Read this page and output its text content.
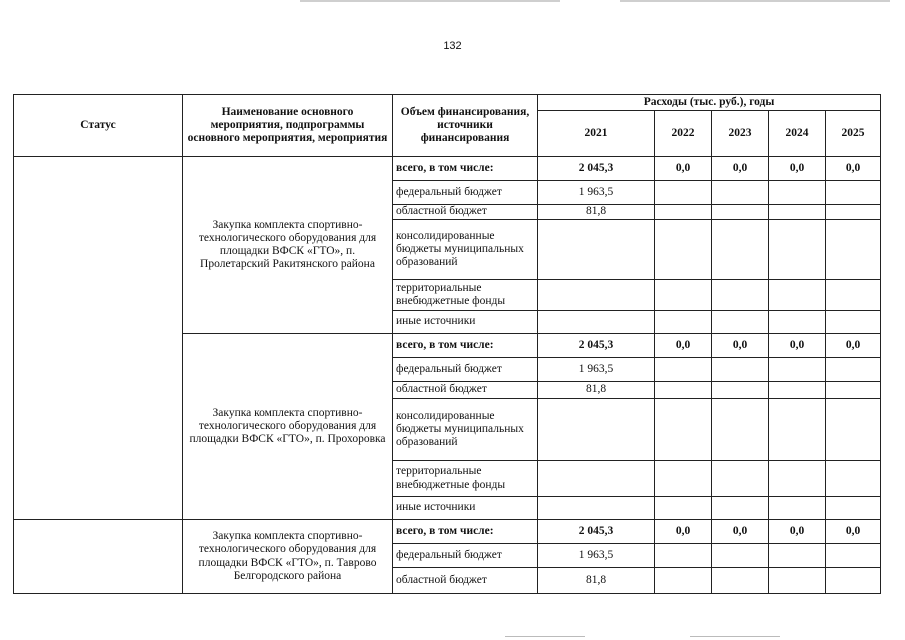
132
Статус	Наименование основного мероприятия, подпрограммы основного мероприятия, мероприятия	Объем финансирования, источники финансирования	Расходы (тыс. руб.), годы				
			2021	2022	2023	2024	2025
	Закупка комплекта спортивно-технологического оборудования для площадки ВФСК «ГТО», п. Пролетарский Ракитянского района	всего, в том числе:	2 045,3	0,0	0,0	0,0	0,0
		федеральный бюджет	1 963,5				
		областной бюджет	81,8				
		консолидированные бюджеты муниципальных образований					
		территориальные внебюджетные фонды					
		иные источники					
	Закупка комплекта спортивно-технологического оборудования для площадки ВФСК «ГТО», п. Прохоровка	всего, в том числе:	2 045,3	0,0	0,0	0,0	0,0
		федеральный бюджет	1 963,5				
		областной бюджет	81,8				
		консолидированные бюджеты муниципальных образований					
		территориальные внебюджетные фонды					
		иные источники					
	Закупка комплекта спортивно-технологического оборудования для площадки ВФСК «ГТО», п. Таврово Белгородского района	всего, в том числе:	2 045,3	0,0	0,0	0,0	0,0
		федеральный бюджет	1 963,5				
		областной бюджет	81,8				
